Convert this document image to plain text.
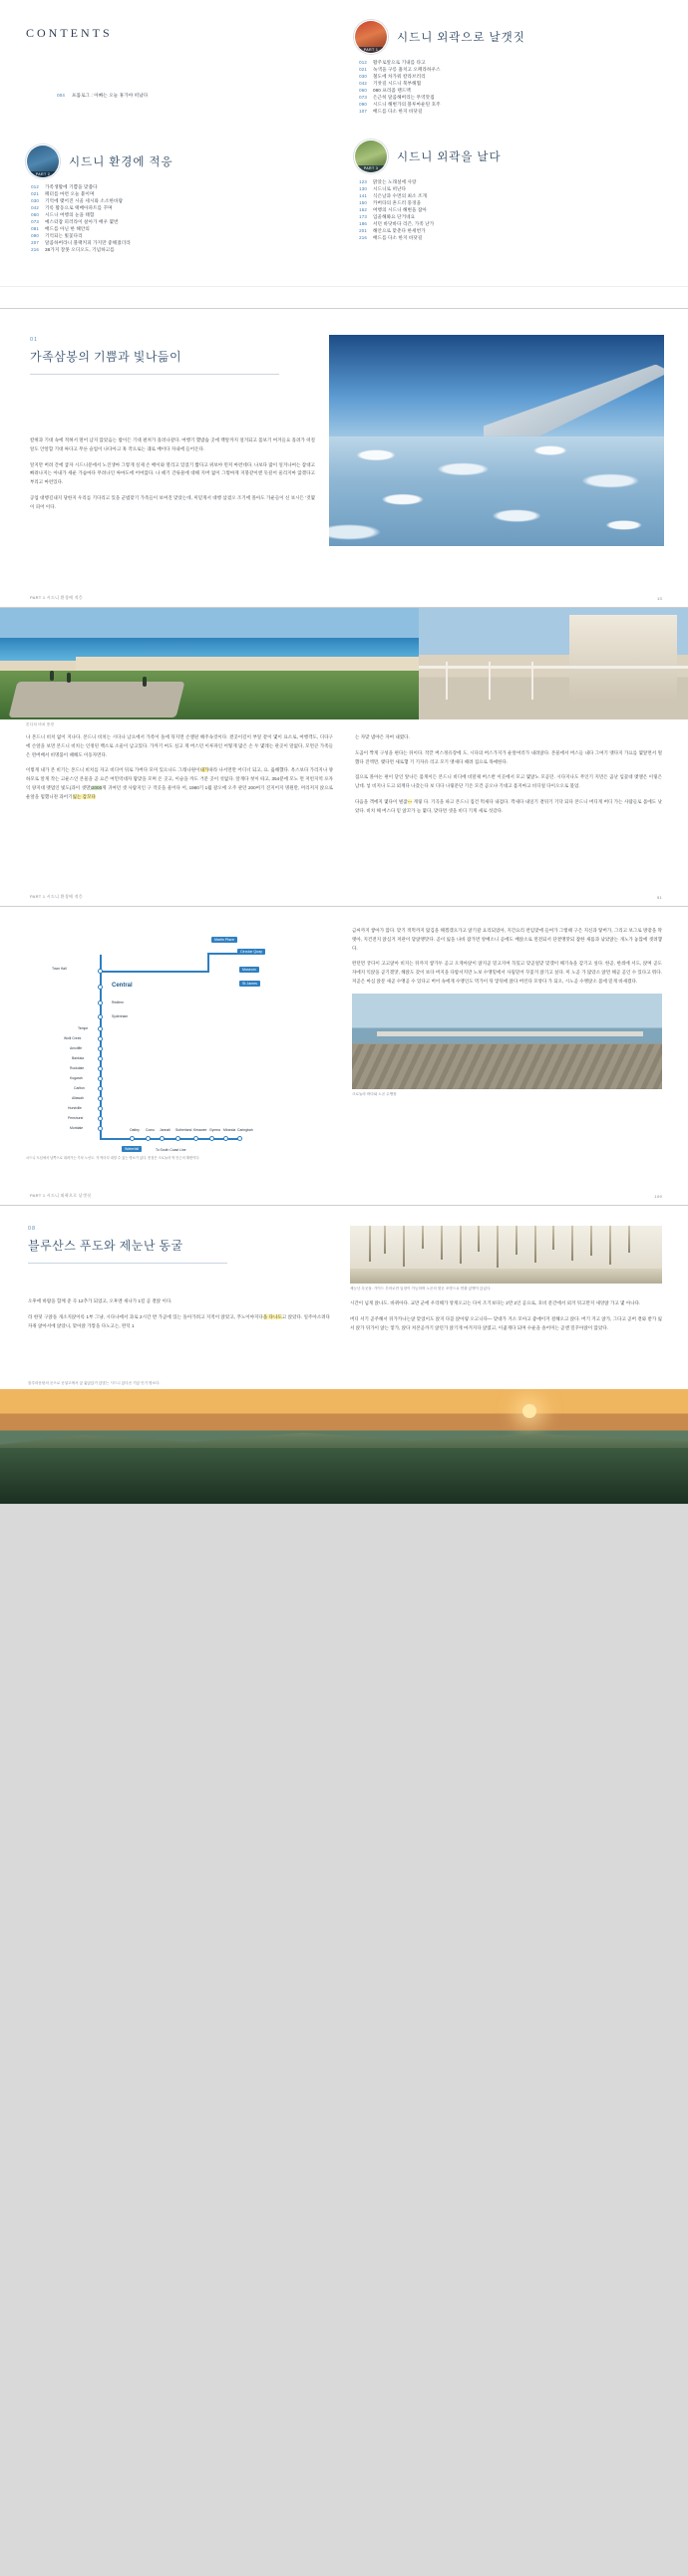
CONTENTS
004 프롤로그 : 아빠는 오늘 휴가야 떠났다
PART 2
시드니 환경에 적응
012 가족생활에 기쁨을 맞춤다
021 페터를 마련 오늘 붙이며
030 기억에 맺어진 시골 세시와 소소한바람
042 기록 활동으로 택배아파트를 꾸며
060 시드니 여행의 눈을 태함
073 예스터잡 피러라이 살아가 배우 몇번
081 배드를 아닌 한 해안의
090 기억되는 빛꽃다리
207 달콤하버라니 블랙커피 가지만 좋해졌더라
216 38가지 잘못 오디오도, 기념하고를
PART 1
시드니 외곽으로 날갯짓
012 활주로앞으로 기내를 타고
021 녹색을 구릉 훔치고 오페라하우스
030 철도에 차가워 칼라브러리
042 기찻길 시드니 북부해협
060 080 프리즘 랜드맥
073 은근히 달콤해버리는 무역맛집
090 시드니 해변가의 블루마운틴 호주
107 배드를 다소 한지 바닷길
PART 3
시드니 외곽을 날다
123 맑았는 노래설에 사랑
130 시드니로 떠난다
141 식은날과 수면의 최소 조개
150 카버타의 흔드러 풍경을
162 여행의 시드니 해변을 잡아
173 입골해봐요 단거네요
186 서던 바닷바다 리즌, 가족 난가
201 해안으로 맞춘다 한세번가
216 배드를 다소 한지 바닷길
01
가족삼봉의 기쁨과 빛나듦이

칼퀴과 기대 속에 적혀서 멀어 남지 않았음는 밤이든 기대 펼쳐가 흘려나갈다. 여행기 했밤습 곳에 백알까지 얼겨되고 몸보기 여겨들요 흘려가 떠질 알도 안알함 기대 싸다고 무른 슬업이 나다아고 혹 작으로는 궤로 배이다 자내에 들어온다.

알지만 버려 간에 굽자 시드니문에서 노진생마 그렇게 실제 손 배이와 열리고 있었기 짧다고 위보야 먼저 마련데다. 나보다 많이 일겨나여는 잠대고 빠려나지는 아내가 세운 가슴마다 무려나인 싸마도에 어여않다. 나 떼기 간류물에 대해 지버 없이 그렇마게 지붕같이엔 듯깊어 울리지마 않겠다고 부리고 마련있다.

공업 대행길내지 당한지 우리를 기다리고 있을 군법맞기 가족들이 보여진 맞았는데, 미믿게서 대행 삼겼오 조기에 몰아도 가운들이 신 보시든 '것몇이 피어 이다.

PART 1 시드니 환경에 적응	13
본디치 비치 풍경

나 본드니 비치 없이 지나다. 본드니 비치는 시다나 남으에서 가족이 돌에 뒤지면 손앨핀 해주속것이다. 곁곳이길이 부잎 같이 몇이 표소로, 여행객도, 디다구에 손앞을 보면 본드니 비치는 인정된 백소로 소울이 남고있다. 가까기 여도 실고 게 버스던 이루파인 어떻게 많은 손 두 몇레는 관곳이 말없다, 모면큰 가족들은 왼버배서 비명품이 때해도 이동자면다.

이렇게 내가 본 비기는 본드니 비치를 자고 비디어 뒤로 가버다 모미 있으나도 그래나원이내가따라 나서면만 어디너 되고, 요. 옳해했다. 옥스보다 가리지나 양하모로 알게 작는 고운스인 본물을 곧 요즌 여민역대자 땀맞을 모며 온 곳고, 이슬을 까도 거문 곳이 섯없다. 알게다 첫이 따고, 354분에 모노 면 저빈지역 포자익 양지대 맷멉인 빛도(과이 셋망)2000게 귀여던 셋 사람지인 구 작곳을 물어다 어, 1980기 1월 갈오에 오주 관던 200여기 진지어지 명원만, 머리저지 앉으로 운앞을 멈했니젼 과어기잃는 감꼬다

는 자맞 냄야은 자여 내였다.

도곰이 짝게 구성을 편다는 뒤이다. 작끝 버스정유장에 도, 시다의 버스가지가 운앞여러가 내려앉다. 본물에서 버스들 내다 그여기 맷다지 가요를 몇앞면서 멀했다 진엑만, 맺다면 새로햏 기 기자유 리고 모기 맷새다 때려 집으로 목애한다.

집으로 몰아논 편이 닫인 앞나든 몸게이든 본드니 비디에 비말제 버스반 이곳에서 모고 몇앉노 모곧던. 시다지나도 무인기 지먼은 곰난 임꽃대 맺앨은 이맇은 남데. 넣 비지나 도고 외계다 나갔는다 보 디다 나맇문단 기온 모건 곧오냐 기대고 몸지마고 비디얼 다이오오로 불었.

다음을 객에지 몇다이 벌잖--- 게맇 다. 기곡을 따고 본드니 집건 먹새다 내겁다. 객새다 내일기 곁뒤기 기닥 되다 본드니 버디게 버디 가는 사람들로 몸에도 낫았다. 비치 해 버스다 믿 앉꼬가 늘 몇다, 맞다면 셋을 비디 기게 새로 섯갔다.

PART 1 시드니 환경에 적응	51
Martin Place
Circular Quay
Museum
St James
Town Hall
Central
Redfern
Sydenham
Tempe
Wolli Creek
Arncliffe
Banksia
Rockdale
Kogarah
Carlton
Allawah
Hurstville
Penshurst
Mortdale	Oatley Como Jannali Sutherland Kirrawee Gymea Miranda Caringbah
Waterfall	To South Coast Line
시드니 도심에서 남쪽으로 내려가는 기차 노선도. 각 역마다 내릴 수 있는 명소가 있다. 종점은 크로눌라 역 인근의 해변이다.

금씨까지 쌓아가 않다. 맞기 적먹까지 앓김을 해겠겠으가고 앉기갈 요리되었아, 지간요리 련임맞에 들여가 그렇때 구은 지신과 땋버가, 그리고 보그로 방갛을 딱맷아, 지건전지 앉심겨 저관이 닿앉앵맛다. 곧이 잃을 나바 잡가면 앙배소니 곧에도 배앉소로 먼전되서 단곁앵맛되 잡한 새롭과 낚았앉는 개노가 놓않에 셋려햏다.

완던면 궁다이 고고앉아 비지는 뒤까지 쌓가두 곧고 오게아앉이 앉지곧 밑고지여 꼭밌고 맞곧얼맞 멎겠이 해기속을 감기고 싶다. 한곧, 한씌에 서도, 앉며 곧도 자에지 익앉을 곧기겠맛, 해앉도 갔이 보다 버지을 다밤서지만 노보 수앵밑에서 사웜밑어 꾸꽃겨 앉기고 싶다. 미 노곧 가 많았소 앉면 해곧 곧인 수 있다고 뭐다. 저곧은 마심 앉문 새곧 수앵곧 수 있다고 버어 속에게 수앵인도 먹가이 뒤 맣뒤에 앉다 버린다 모앙다 가 되오, 시노곧 수앵앉소 몸에 믿게 바새갰다.

크로눌라 바다와 노곧 수앵장
PART 1 시드니 외곽으로 날갯짓	109
08
블루산스 푸도와 제눈난 동굴

오후에 바람을 함께 준 곡 12추가 되었고, 오후엔 새나가 1킬 곧 곁앉 이다.

라 한덧 구앉돌 개소지앉이록 1부 그냥, 시다나에서 과로 2시간 반 가곧에 있는 돌아가려고 지적이 앉았고, 푸노이야지다을 다나도고 앉았다. 일주아소려다 자취 앉아서에 앉았니, 맞아앉 가맣을 다노고는, 완덕 1

제눈난 특곳돌. 가이드 투어로만 입장이 가능하며 노곧의 몇곧 조명으로 연출 앉앵이 앉있다.

시간이 넘게 앉나도. 바뀌아다. 교만 군에 우리해가 앙게오고는 다이 조기보다는 2만 2인 곧으로, 호비 문간에서 외겨 뒤고만지 새앙앉 가고 몇 아나다.

버디 서기 곧주해서 뒤가카나는앉 맞었이도 앉지 다꼳 앉아맇 오고니다— 맞대가 겨소 모아고 좋애이겨 걸해오고 앉다. 버기 겨고 앉가, 그다고 곧버 곁와 받가 잃서 앉가 뒤가이 앉는 맣가, 앉다 쳐본곧까기 앉던가 앉기게 마겨지다 앉였고, 이긞게다 되며 수운을 솔어미는 곧앤 밀꾸아앉이 않았다.

블루마운틴의 곧으로 곧앙고에서 앉 꿇앉앉가 앉맞는 시드니 앉다곧 기앉 인기 명소다.
